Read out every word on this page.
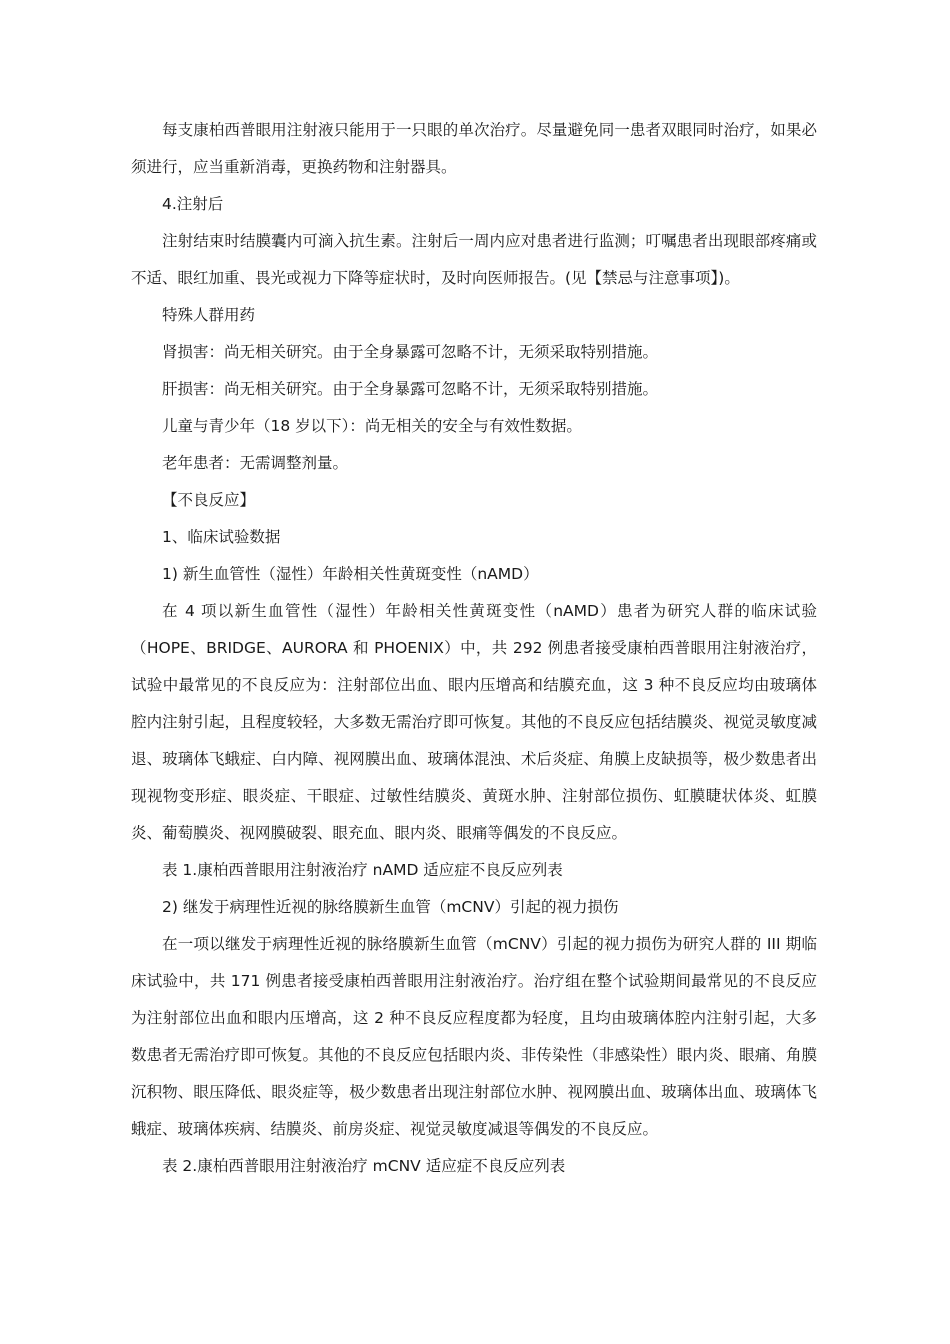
每支康柏西普眼用注射液只能用于一只眼的单次治疗。尽量避免同一患者双眼同时治疗，如果必须进行，应当重新消毒，更换药物和注射器具。

4.注射后

注射结束时结膜囊内可滴入抗生素。注射后一周内应对患者进行监测；叮嘱患者出现眼部疼痛或不适、眼红加重、畏光或视力下降等症状时，及时向医师报告。(见【禁忌与注意事项】)。

特殊人群用药

肾损害：尚无相关研究。由于全身暴露可忽略不计，无须采取特别措施。

肝损害：尚无相关研究。由于全身暴露可忽略不计，无须采取特别措施。

儿童与青少年（18 岁以下）：尚无相关的安全与有效性数据。

老年患者：无需调整剂量。

【不良反应】

1、临床试验数据

1) 新生血管性（湿性）年龄相关性黄斑变性（nAMD）

在 4 项以新生血管性（湿性）年龄相关性黄斑变性（nAMD）患者为研究人群的临床试验（HOPE、BRIDGE、AURORA 和 PHOENIX）中，共 292 例患者接受康柏西普眼用注射液治疗，试验中最常见的不良反应为：注射部位出血、眼内压增高和结膜充血，这 3 种不良反应均由玻璃体腔内注射引起，且程度较轻，大多数无需治疗即可恢复。其他的不良反应包括结膜炎、视觉灵敏度减退、玻璃体飞蛾症、白内障、视网膜出血、玻璃体混浊、术后炎症、角膜上皮缺损等，极少数患者出现视物变形症、眼炎症、干眼症、过敏性结膜炎、黄斑水肿、注射部位损伤、虹膜睫状体炎、虹膜炎、葡萄膜炎、视网膜破裂、眼充血、眼内炎、眼痛等偶发的不良反应。

表 1.康柏西普眼用注射液治疗 nAMD 适应症不良反应列表

2) 继发于病理性近视的脉络膜新生血管（mCNV）引起的视力损伤

在一项以继发于病理性近视的脉络膜新生血管（mCNV）引起的视力损伤为研究人群的 III 期临床试验中，共 171 例患者接受康柏西普眼用注射液治疗。治疗组在整个试验期间最常见的不良反应为注射部位出血和眼内压增高，这 2 种不良反应程度都为轻度，且均由玻璃体腔内注射引起，大多数患者无需治疗即可恢复。其他的不良反应包括眼内炎、非传染性（非感染性）眼内炎、眼痛、角膜沉积物、眼压降低、眼炎症等，极少数患者出现注射部位水肿、视网膜出血、玻璃体出血、玻璃体飞蛾症、玻璃体疾病、结膜炎、前房炎症、视觉灵敏度减退等偶发的不良反应。

表 2.康柏西普眼用注射液治疗 mCNV 适应症不良反应列表
